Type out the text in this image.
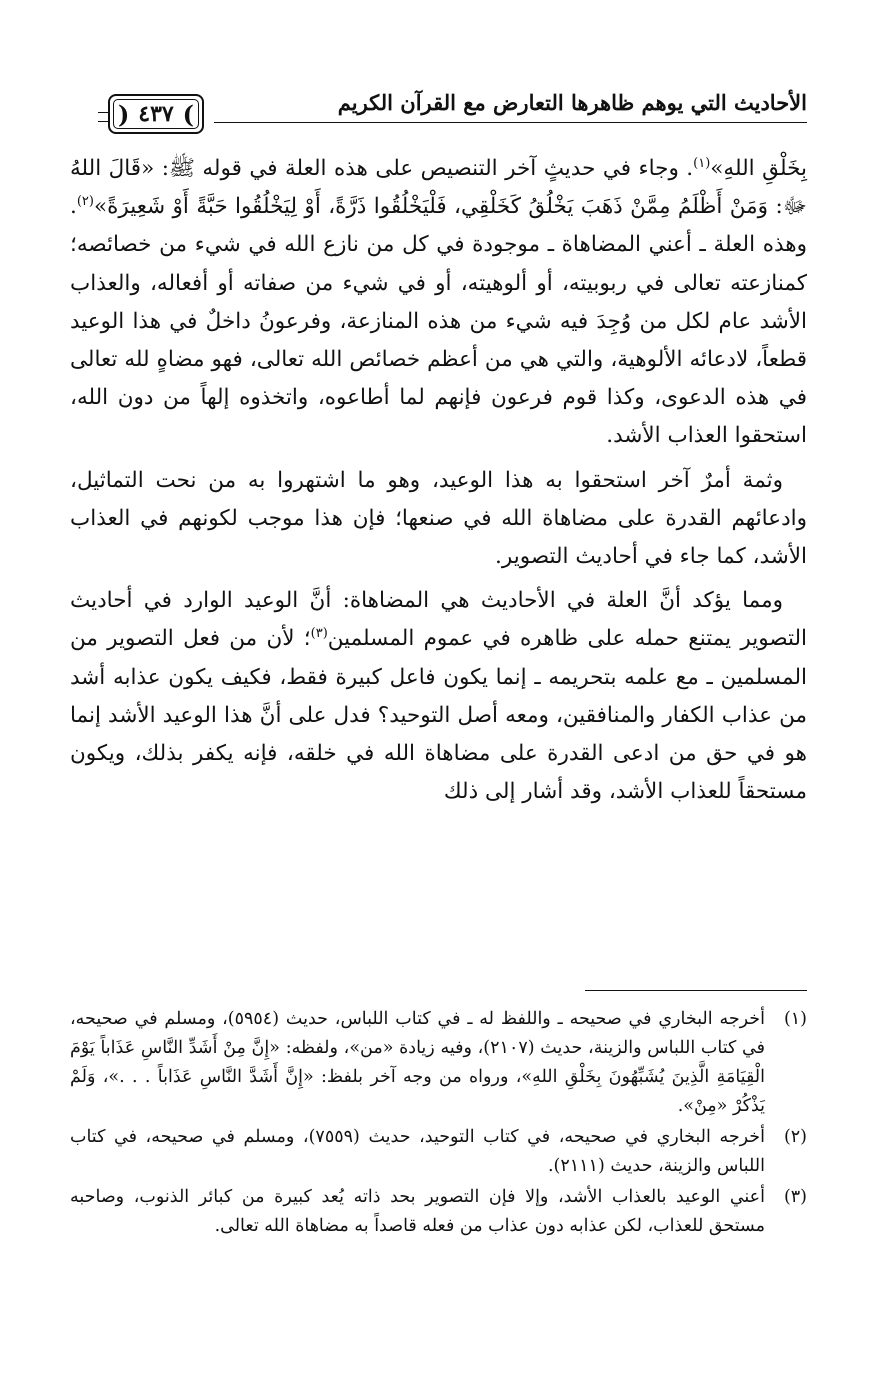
الأحاديث التي يوهم ظاهرها التعارض مع القرآن الكريم
)
٤٣٧
(

بِخَلْقِ اللهِ»$^{(١)}$. وجاء في حديثٍ آخر التنصيص على هذه العلة في قوله ﷺ: «قَالَ اللهُ ﷻ: وَمَنْ أَظْلَمُ مِمَّنْ ذَهَبَ يَخْلُقُ كَخَلْقِي، فَلْيَخْلُقُوا ذَرَّةً، أَوْ لِيَخْلُقُوا حَبَّةً أَوْ شَعِيرَةً»$^{(٢)}$. وهذه العلة ـ أعني المضاهاة ـ موجودة في كل من نازع الله في شيء من خصائصه؛ كمنازعته تعالى في ربوبيته، أو ألوهيته، أو في شيء من صفاته أو أفعاله، والعذاب الأشد عام لكل من وُجِدَ فيه شيء من هذه المنازعة، وفرعونُ داخلٌ في هذا الوعيد قطعاً، لادعائه الألوهية، والتي هي من أعظم خصائص الله تعالى، فهو مضاهٍ لله تعالى في هذه الدعوى، وكذا قوم فرعون فإنهم لما أطاعوه، واتخذوه إلهاً من دون الله، استحقوا العذاب الأشد.

وثمة أمرٌ آخر استحقوا به هذا الوعيد، وهو ما اشتهروا به من نحت التماثيل، وادعائهم القدرة على مضاهاة الله في صنعها؛ فإن هذا موجب لكونهم في العذاب الأشد، كما جاء في أحاديث التصوير.

ومما يؤكد أنَّ العلة في الأحاديث هي المضاهاة: أنَّ الوعيد الوارد في أحاديث التصوير يمتنع حمله على ظاهره في عموم المسلمين$^{(٣)}$؛ لأن من فعل التصوير من المسلمين ـ مع علمه بتحريمه ـ إنما يكون فاعل كبيرة فقط، فكيف يكون عذابه أشد من عذاب الكفار والمنافقين، ومعه أصل التوحيد؟ فدل على أنَّ هذا الوعيد الأشد إنما هو في حق من ادعى القدرة على مضاهاة الله في خلقه، فإنه يكفر بذلك، ويكون مستحقاً للعذاب الأشد، وقد أشار إلى ذلك

(١)
أخرجه البخاري في صحيحه ـ واللفظ له ـ في كتاب اللباس، حديث (٥٩٥٤)، ومسلم في صحيحه، في كتاب اللباس والزينة، حديث (٢١٠٧)، وفيه زيادة «من»، ولفظه: «إِنَّ مِنْ أَشَدِّ النَّاسِ عَذَاباً يَوْمَ الْقِيَامَةِ الَّذِينَ يُشَبِّهُونَ بِخَلْقِ اللهِ»، ورواه من وجه آخر بلفظ: «إِنَّ أَشَدَّ النَّاسِ عَذَاباً . . .»، وَلَمْ يَذْكُرْ «مِنْ».
(٢)
أخرجه البخاري في صحيحه، في كتاب التوحيد، حديث (٧٥٥٩)، ومسلم في صحيحه، في كتاب اللباس والزينة، حديث (٢١١١).
(٣)
أعني الوعيد بالعذاب الأشد، وإلا فإن التصوير بحد ذاته يُعد كبيرة من كبائر الذنوب، وصاحبه مستحق للعذاب، لكن عذابه دون عذاب من فعله قاصداً به مضاهاة الله تعالى.
